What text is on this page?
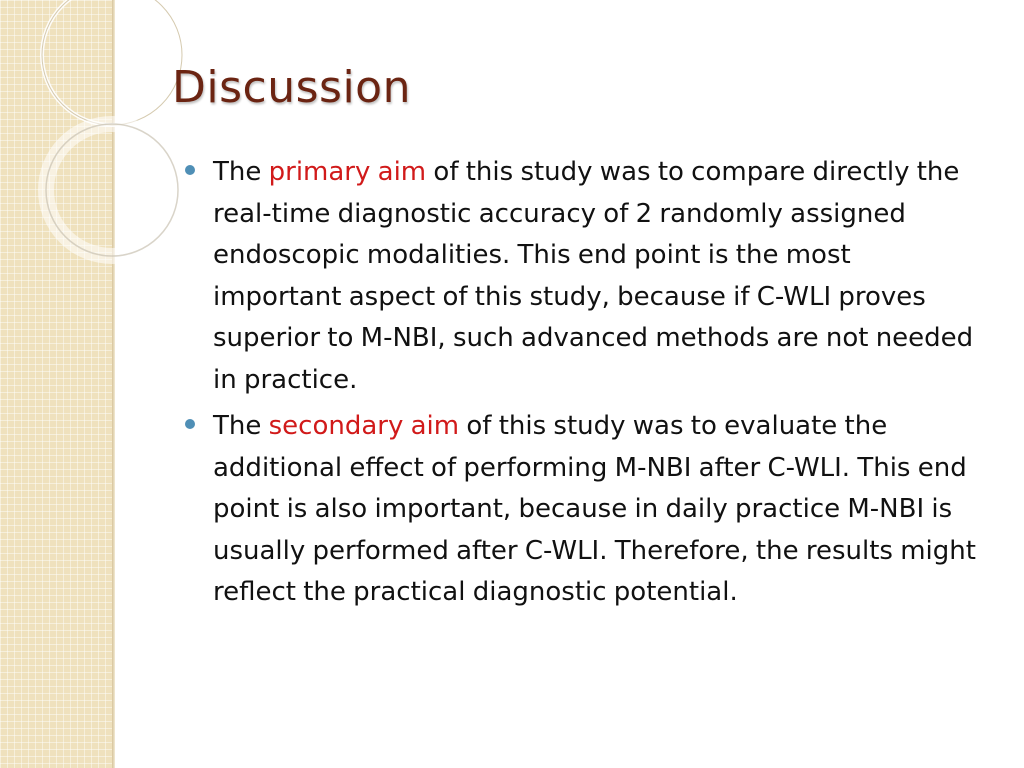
Discussion
The primary aim of this study was to compare directly the real-time diagnostic accuracy of 2 randomly assigned endoscopic modalities. This end point is the most important aspect of this study, because if C-WLI proves superior to M-NBI, such advanced methods are not needed in practice.
The secondary aim of this study was to evaluate the additional effect of performing M-NBI after C-WLI. This end point is also important, because in daily practice M-NBI is usually performed after C-WLI. Therefore, the results might reflect the practical diagnostic potential.
